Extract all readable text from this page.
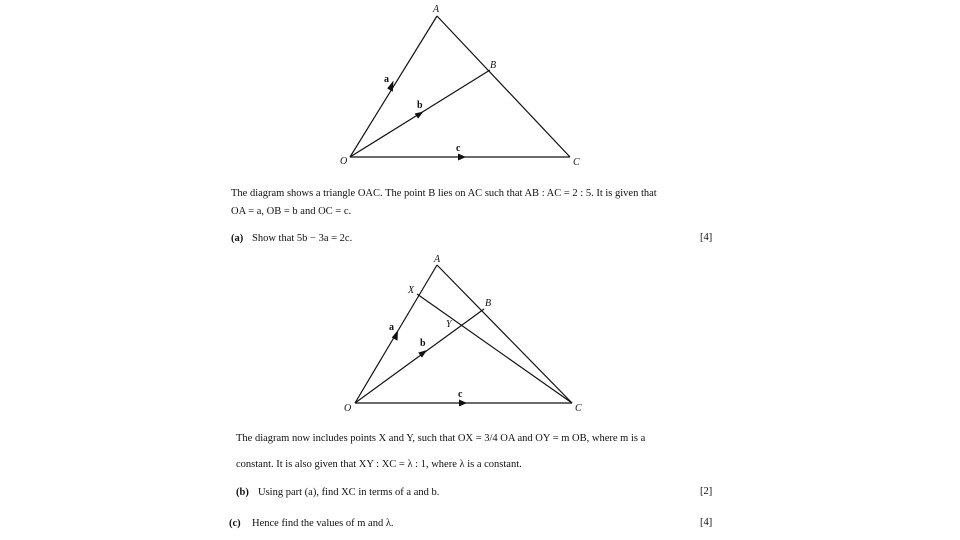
A
B
C
O
a
b
c
A
B
C
O
X
Y
a
b
c
The diagram shows a triangle OAC. The point B lies on AC such that AB : AC = 2 : 5. It is given that
OA = a, OB = b and OC = c.
(a) Show that 5b − 3a = 2c.	[4]
The diagram now includes points X and Y, such that OX = 3/4 OA and OY = m OB, where m is a
constant. It is also given that XY : XC = λ : 1, where λ is a constant.
(b) Using part (a), find XC in terms of a and b.	[2]
(c) Hence find the values of m and λ.	[4]
